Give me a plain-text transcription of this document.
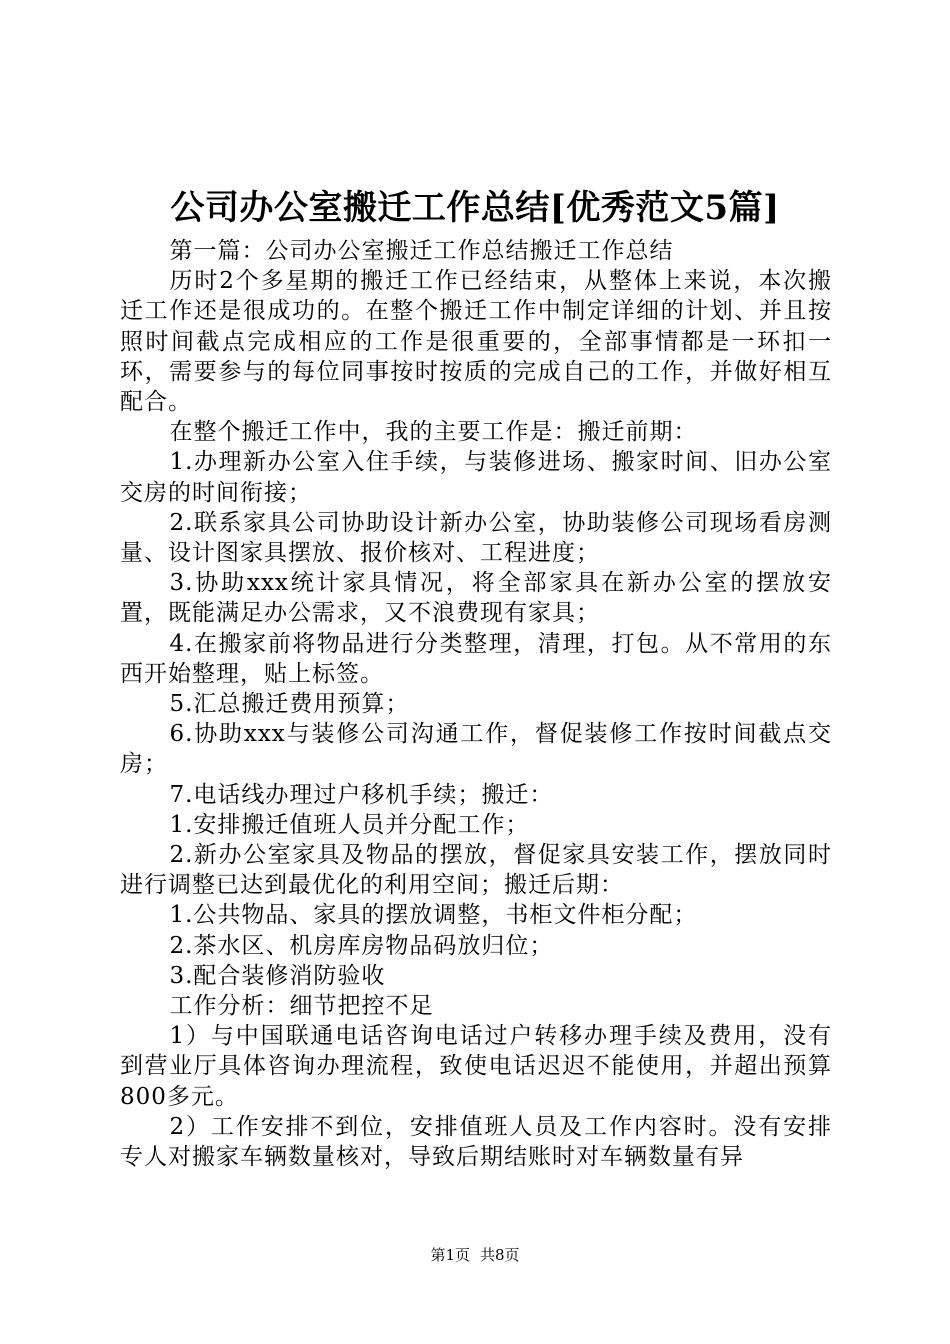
公司办公室搬迁工作总结[优秀范文5篇]

第一篇：公司办公室搬迁工作总结搬迁工作总结

历时2个多星期的搬迁工作已经结束，从整体上来说，本次搬迁工作还是很成功的。在整个搬迁工作中制定详细的计划、并且按照时间截点完成相应的工作是很重要的，全部事情都是一环扣一环，需要参与的每位同事按时按质的完成自己的工作，并做好相互配合。

在整个搬迁工作中，我的主要工作是：搬迁前期：

1.办理新办公室入住手续，与装修进场、搬家时间、旧办公室交房的时间衔接；

2.联系家具公司协助设计新办公室，协助装修公司现场看房测量、设计图家具摆放、报价核对、工程进度；

3.协助xxx统计家具情况，将全部家具在新办公室的摆放安置，既能满足办公需求，又不浪费现有家具；

4.在搬家前将物品进行分类整理，清理，打包。从不常用的东西开始整理，贴上标签。

5.汇总搬迁费用预算；

6.协助xxx与装修公司沟通工作，督促装修工作按时间截点交房；

7.电话线办理过户移机手续；搬迁：

1.安排搬迁值班人员并分配工作；

2.新办公室家具及物品的摆放，督促家具安装工作，摆放同时进行调整已达到最优化的利用空间；搬迁后期：

1.公共物品、家具的摆放调整，书柜文件柜分配；

2.茶水区、机房库房物品码放归位；

3.配合装修消防验收

工作分析：细节把控不足

1）与中国联通电话咨询电话过户转移办理手续及费用，没有到营业厅具体咨询办理流程，致使电话迟迟不能使用，并超出预算800多元。

2）工作安排不到位，安排值班人员及工作内容时。没有安排专人对搬家车辆数量核对，导致后期结账时对车辆数量有异

第1页 共8页
